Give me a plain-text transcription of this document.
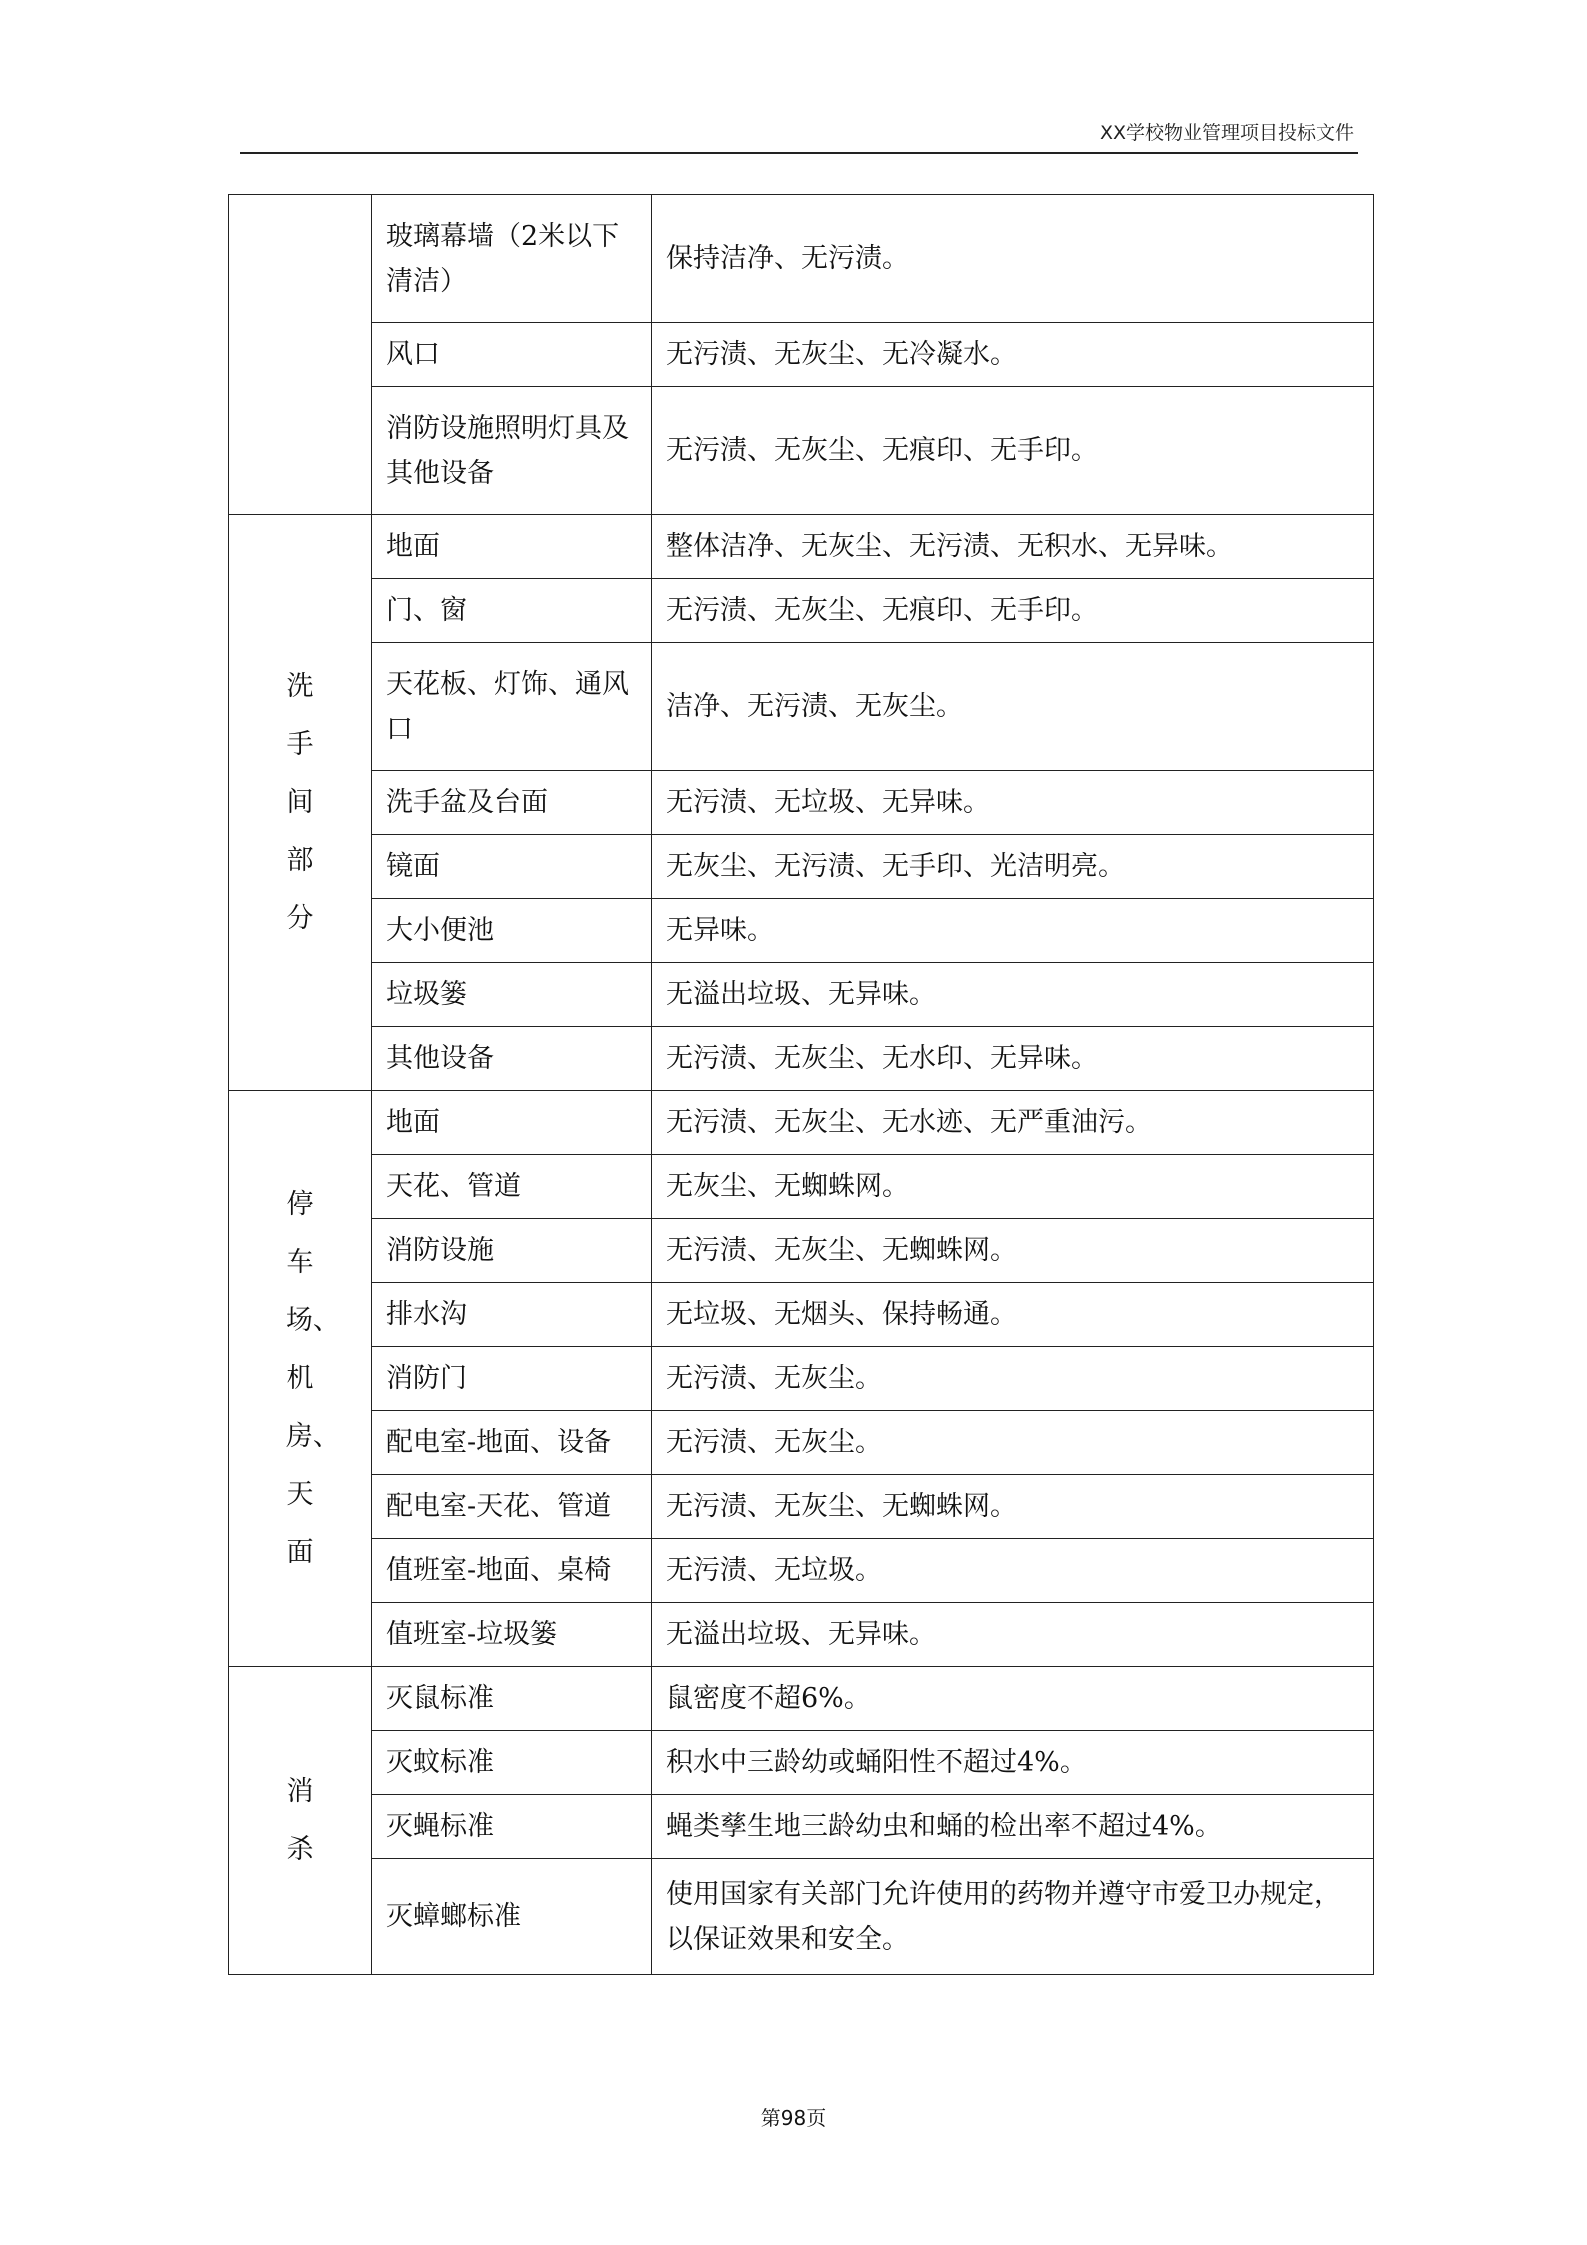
XX学校物业管理项目投标文件
	玻璃幕墙（2米以下清洁）	保持洁净、无污渍。
	风口	无污渍、无灰尘、无冷凝水。
	消防设施照明灯具及其他设备	无污渍、无灰尘、无痕印、无手印。
洗手间部分	地面	整体洁净、无灰尘、无污渍、无积水、无异味。
	门、窗	无污渍、无灰尘、无痕印、无手印。
	天花板、灯饰、通风口	洁净、无污渍、无灰尘。
	洗手盆及台面	无污渍、无垃圾、无异味。
	镜面	无灰尘、无污渍、无手印、光洁明亮。
	大小便池	无异味。
	垃圾篓	无溢出垃圾、无异味。
	其他设备	无污渍、无灰尘、无水印、无异味。
停车场、机房、天面	地面	无污渍、无灰尘、无水迹、无严重油污。
	天花、管道	无灰尘、无蜘蛛网。
	消防设施	无污渍、无灰尘、无蜘蛛网。
	排水沟	无垃圾、无烟头、保持畅通。
	消防门	无污渍、无灰尘。
	配电室-地面、设备	无污渍、无灰尘。
	配电室-天花、管道	无污渍、无灰尘、无蜘蛛网。
	值班室-地面、桌椅	无污渍、无垃圾。
	值班室-垃圾篓	无溢出垃圾、无异味。
消杀	灭鼠标准	鼠密度不超6%。
	灭蚊标准	积水中三龄幼或蛹阳性不超过4%。
	灭蝇标准	蝇类孳生地三龄幼虫和蛹的检出率不超过4%。
	灭蟑螂标准	使用国家有关部门允许使用的药物并遵守市爱卫办规定，以保证效果和安全。
第98页
